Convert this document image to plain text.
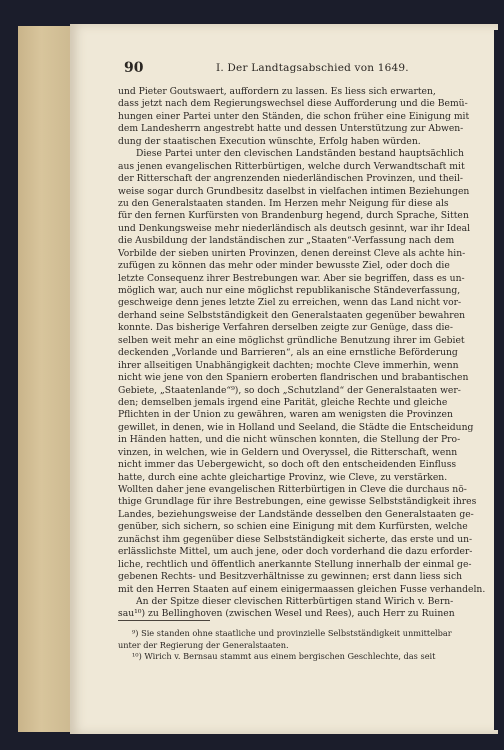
90	I. Der Landtagsabschied von 1649.
und Pieter Goutswaert, auffordern zu lassen. Es liess sich erwarten,
dass jetzt nach dem Regierungswechsel diese Aufforderung und die Bemü-
hungen einer Partei unter den Ständen, die schon früher eine Einigung mit
dem Landesherrn angestrebt hatte und dessen Unterstützung zur Abwen-
dung der staatischen Execution wünschte, Erfolg haben würden.
Diese Partei unter den clevischen Landständen bestand hauptsächlich
aus jenen evangelischen Ritterbürtigen, welche durch Verwandtschaft mit
der Ritterschaft der angrenzenden niederländischen Provinzen, und theil-
weise sogar durch Grundbesitz daselbst in vielfachen intimen Beziehungen
zu den Generalstaaten standen. Im Herzen mehr Neigung für diese als
für den fernen Kurfürsten von Brandenburg hegend, durch Sprache, Sitten
und Denkungsweise mehr niederländisch als deutsch gesinnt, war ihr Ideal
die Ausbildung der landständischen zur „Staaten“-Verfassung nach dem
Vorbilde der sieben unirten Provinzen, denen dereinst Cleve als achte hin-
zufügen zu können das mehr oder minder bewusste Ziel, oder doch die
letzte Consequenz ihrer Bestrebungen war. Aber sie begriffen, dass es un-
möglich war, auch nur eine möglichst republikanische Ständeverfassung,
geschweige denn jenes letzte Ziel zu erreichen, wenn das Land nicht vor-
derhand seine Selbstständigkeit den Generalstaaten gegenüber bewahren
konnte. Das bisherige Verfahren derselben zeigte zur Genüge, dass die-
selben weit mehr an eine möglichst gründliche Benutzung ihrer im Gebiet
deckenden „Vorlande und Barrieren“, als an eine ernstliche Beförderung
ihrer allseitigen Unabhängigkeit dachten; mochte Cleve immerhin, wenn
nicht wie jene von den Spaniern eroberten flandrischen und brabantischen
Gebiete, „Staatenlande“⁹), so doch „Schutzland“ der Generalstaaten wer-
den; demselben jemals irgend eine Parität, gleiche Rechte und gleiche
Pflichten in der Union zu gewähren, waren am wenigsten die Provinzen
gewillet, in denen, wie in Holland und Seeland, die Städte die Entscheidung
in Händen hatten, und die nicht wünschen konnten, die Stellung der Pro-
vinzen, in welchen, wie in Geldern und Overyssel, die Ritterschaft, wenn
nicht immer das Uebergewicht, so doch oft den entscheidenden Einfluss
hatte, durch eine achte gleichartige Provinz, wie Cleve, zu verstärken.
Wollten daher jene evangelischen Ritterbürtigen in Cleve die durchaus nö-
thige Grundlage für ihre Bestrebungen, eine gewisse Selbstständigkeit ihres
Landes, beziehungsweise der Landstände desselben den Generalstaaten ge-
genüber, sich sichern, so schien eine Einigung mit dem Kurfürsten, welche
zunächst ihm gegenüber diese Selbstständigkeit sicherte, das erste und un-
erlässlichste Mittel, um auch jene, oder doch vorderhand die dazu erforder-
liche, rechtlich und öffentlich anerkannte Stellung innerhalb der einmal ge-
gebenen Rechts- und Besitzverhältnisse zu gewinnen; erst dann liess sich
mit den Herren Staaten auf einem einigermaassen gleichen Fusse verhandeln.
An der Spitze dieser clevischen Ritterbürtigen stand Wirich v. Bern-
sau¹⁰) zu Bellinghoven (zwischen Wesel und Rees), auch Herr zu Ruinen
⁹) Sie standen ohne staatliche und provinzielle Selbstständigkeit unmittelbar
unter der Regierung der Generalstaaten.
¹⁰) Wirich v. Bernsau stammt aus einem bergischen Geschlechte, das seit
